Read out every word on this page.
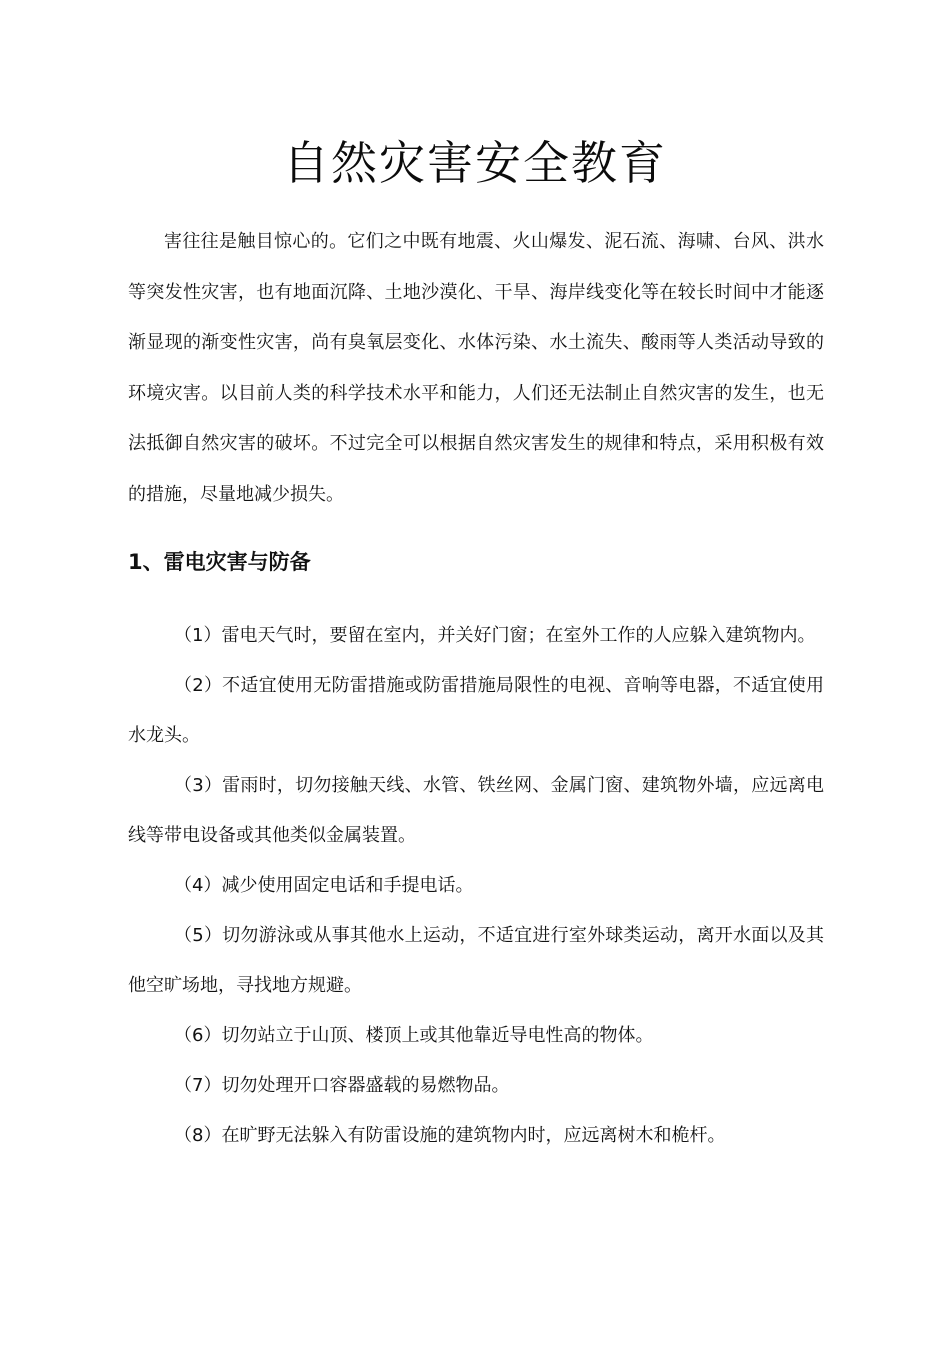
自然灾害安全教育

害往往是触目惊心的。它们之中既有地震、火山爆发、泥石流、海啸、台风、洪水等突发性灾害，也有地面沉降、土地沙漠化、干旱、海岸线变化等在较长时间中才能逐渐显现的渐变性灾害，尚有臭氧层变化、水体污染、水土流失、酸雨等人类活动导致的环境灾害。以目前人类的科学技术水平和能力，人们还无法制止自然灾害的发生，也无法抵御自然灾害的破坏。不过完全可以根据自然灾害发生的规律和特点，采用积极有效的措施，尽量地减少损失。

1、雷电灾害与防备

（1）雷电天气时，要留在室内，并关好门窗；在室外工作的人应躲入建筑物内。

（2）不适宜使用无防雷措施或防雷措施局限性的电视、音响等电器，不适宜使用水龙头。

（3）雷雨时，切勿接触天线、水管、铁丝网、金属门窗、建筑物外墙，应远离电线等带电设备或其他类似金属装置。

（4）减少使用固定电话和手提电话。

（5）切勿游泳或从事其他水上运动，不适宜进行室外球类运动，离开水面以及其他空旷场地，寻找地方规避。

（6）切勿站立于山顶、楼顶上或其他靠近导电性高的物体。

（7）切勿处理开口容器盛载的易燃物品。

（8）在旷野无法躲入有防雷设施的建筑物内时，应远离树木和桅杆。
